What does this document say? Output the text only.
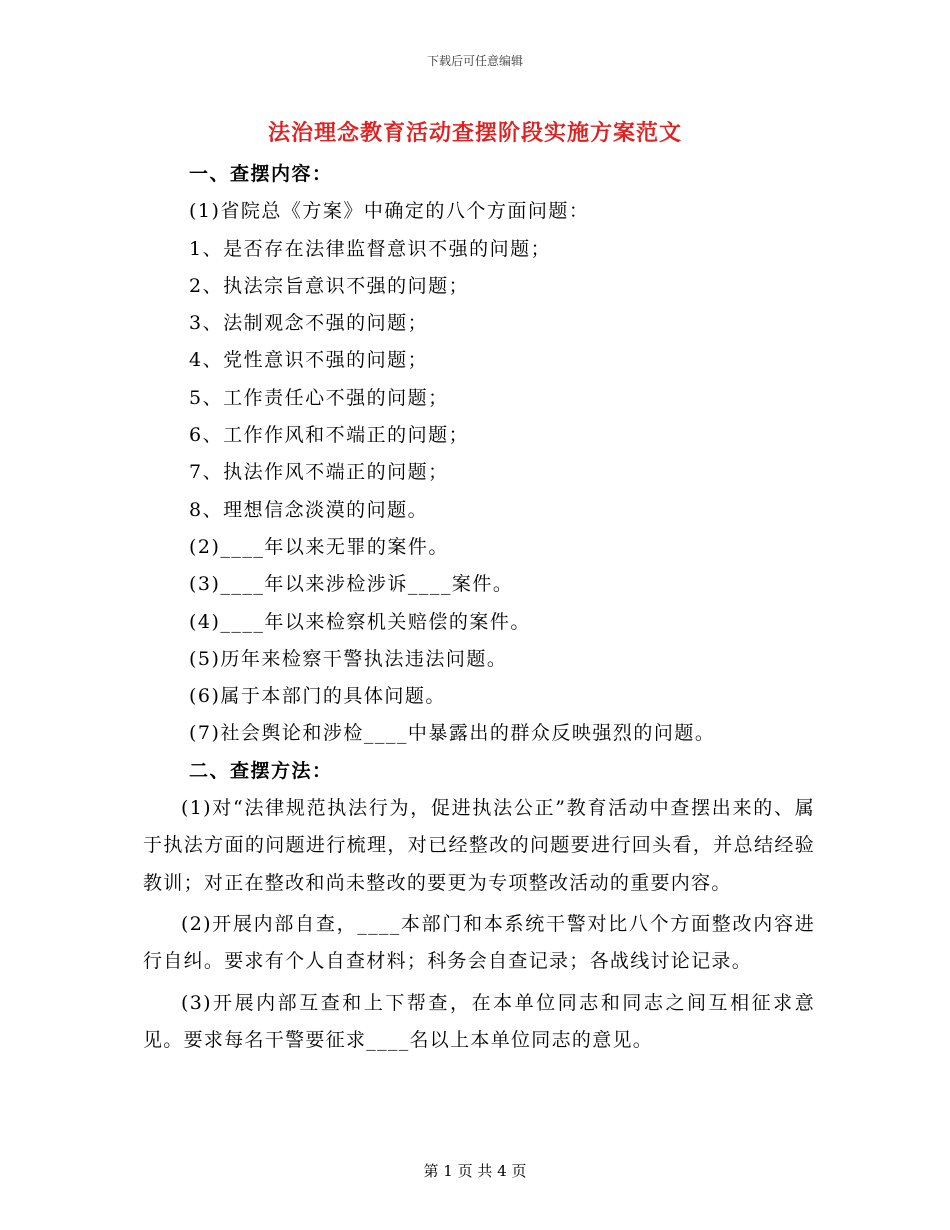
下载后可任意编辑
法治理念教育活动查摆阶段实施方案范文
一、查摆内容：
(1)省院总《方案》中确定的八个方面问题：
1、是否存在法律监督意识不强的问题；
2、执法宗旨意识不强的问题；
3、法制观念不强的问题；
4、党性意识不强的问题；
5、工作责任心不强的问题；
6、工作作风和不端正的问题；
7、执法作风不端正的问题；
8、理想信念淡漠的问题。
(2)____年以来无罪的案件。
(3)____年以来涉检涉诉____案件。
(4)____年以来检察机关赔偿的案件。
(5)历年来检察干警执法违法问题。
(6)属于本部门的具体问题。
(7)社会舆论和涉检____中暴露出的群众反映强烈的问题。
二、查摆方法：

(1)对“法律规范执法行为，促进执法公正”教育活动中查摆出来的、属于执法方面的问题进行梳理，对已经整改的问题要进行回头看，并总结经验教训；对正在整改和尚未整改的要更为专项整改活动的重要内容。

(2)开展内部自查，____本部门和本系统干警对比八个方面整改内容进行自纠。要求有个人自查材料；科务会自查记录；各战线讨论记录。

(3)开展内部互查和上下帮查，在本单位同志和同志之间互相征求意见。要求每名干警要征求____名以上本单位同志的意见。

第 1 页 共 4 页
